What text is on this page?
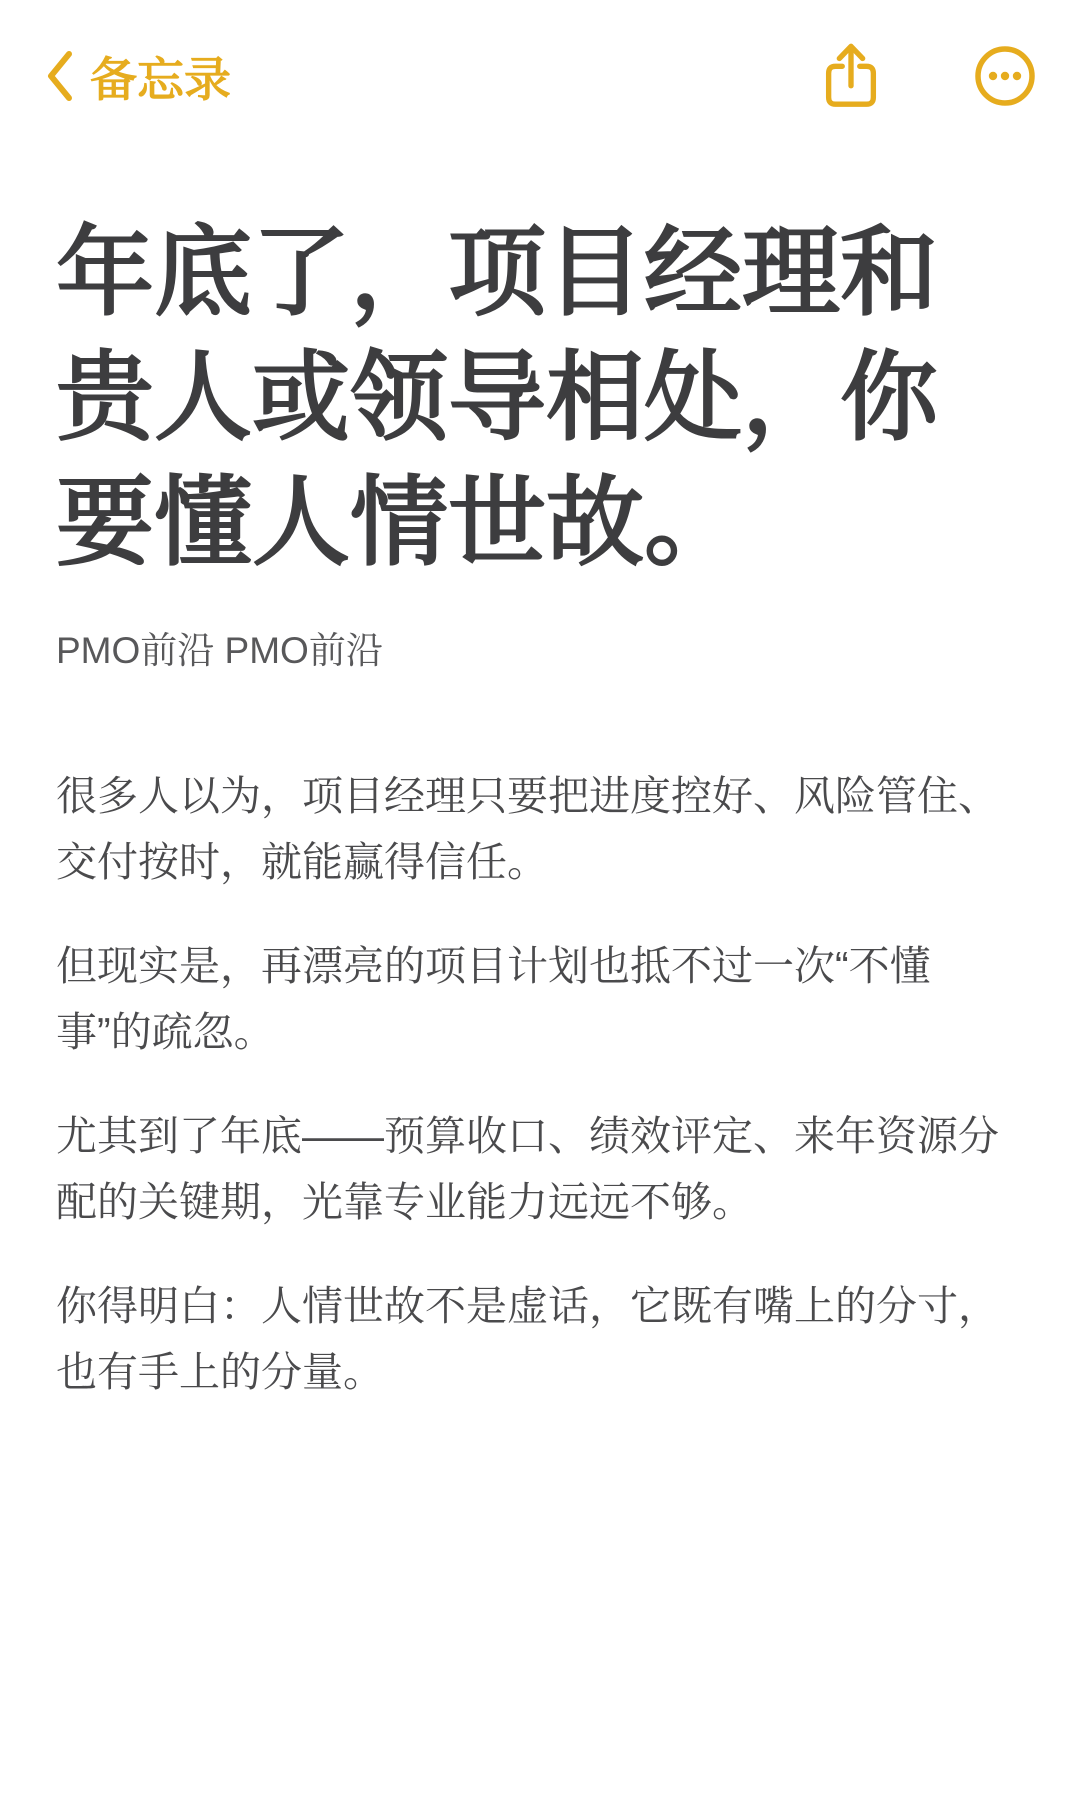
备忘录
年底了，项目经理和贵人或领导相处，你要懂人情世故。
PMO前沿 PMO前沿

很多人以为，项目经理只要把进度控好、风险管住、交付按时，就能赢得信任。

但现实是，再漂亮的项目计划也抵不过一次“不懂事”的疏忽。

尤其到了年底——预算收口、绩效评定、来年资源分配的关键期，光靠专业能力远远不够。

你得明白：人情世故不是虚话，它既有嘴上的分寸，也有手上的分量。
